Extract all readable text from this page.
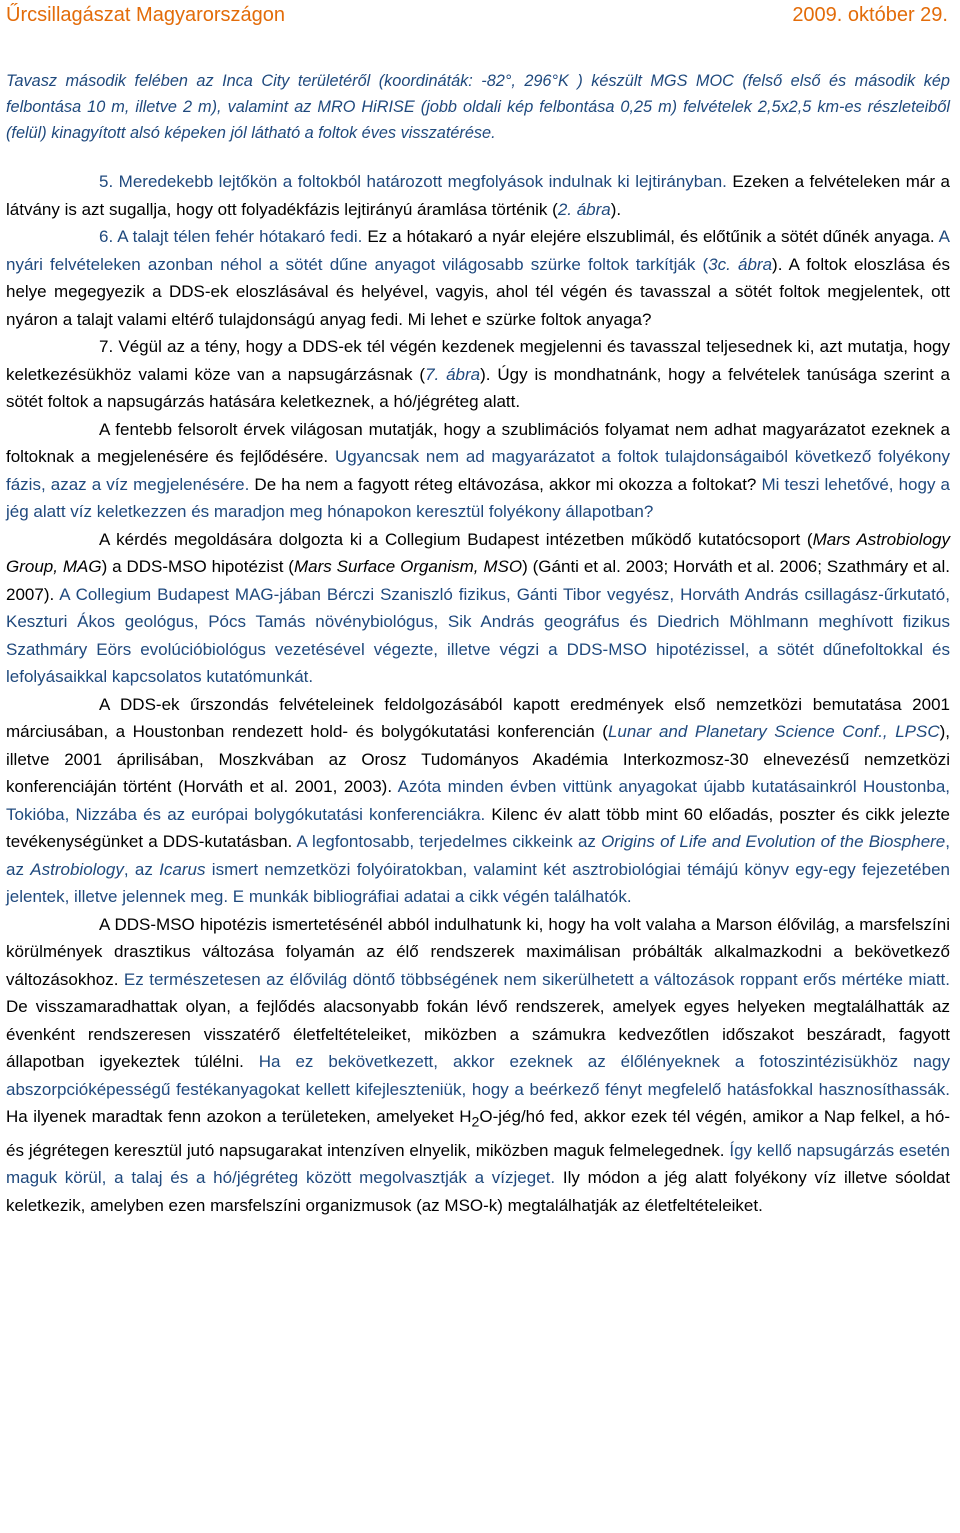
Űrcsillagászat Magyarországon	2009. október 29.
Tavasz második felében az Inca City területéről (koordináták: -82°, 296°K ) készült MGS MOC (felső első és második kép felbontása 10 m, illetve 2 m), valamint az MRO HiRISE (jobb oldali kép felbontása 0,25 m) felvételek 2,5x2,5 km-es részleteiből (felül) kinagyított alsó képeken jól látható a foltok éves visszatérése.

5. Meredekebb lejtőkön a foltokból határozott megfolyások indulnak ki lejtirányban. Ezeken a felvételeken már a látvány is azt sugallja, hogy ott folyadékfázis lejtirányú áramlása történik (2. ábra).

6. A talajt télen fehér hótakaró fedi. Ez a hótakaró a nyár elejére elszublimál, és előtűnik a sötét dűnék anyaga. A nyári felvételeken azonban néhol a sötét dűne anyagot világosabb szürke foltok tarkítják (3c. ábra). A foltok eloszlása és helye megegyezik a DDS-ek eloszlásával és helyével, vagyis, ahol tél végén és tavasszal a sötét foltok megjelentek, ott nyáron a talajt valami eltérő tulajdonságú anyag fedi. Mi lehet e szürke foltok anyaga?

7. Végül az a tény, hogy a DDS-ek tél végén kezdenek megjelenni és tavasszal teljesednek ki, azt mutatja, hogy keletkezésükhöz valami köze van a napsugárzásnak (7. ábra). Úgy is mondhatnánk, hogy a felvételek tanúsága szerint a sötét foltok a napsugárzás hatására keletkeznek, a hó/jégréteg alatt.

A fentebb felsorolt érvek világosan mutatják, hogy a szublimációs folyamat nem adhat magyarázatot ezeknek a foltoknak a megjelenésére és fejlődésére. Ugyancsak nem ad magyarázatot a foltok tulajdonságaiból következő folyékony fázis, azaz a víz megjelenésére. De ha nem a fagyott réteg eltávozása, akkor mi okozza a foltokat? Mi teszi lehetővé, hogy a jég alatt víz keletkezzen és maradjon meg hónapokon keresztül folyékony állapotban?

A kérdés megoldására dolgozta ki a Collegium Budapest intézetben működő kutatócsoport (Mars Astrobiology Group, MAG) a DDS-MSO hipotézist (Mars Surface Organism, MSO) (Gánti et al. 2003; Horváth et al. 2006; Szathmáry et al. 2007). A Collegium Budapest MAG-jában Bérczi Szaniszló fizikus, Gánti Tibor vegyész, Horváth András csillagász-űrkutató, Keszturi Ákos geológus, Pócs Tamás növénybiológus, Sik András geográfus és Diedrich Möhlmann meghívott fizikus Szathmáry Eörs evolúcióbiológus vezetésével végezte, illetve végzi a DDS-MSO hipotézissel, a sötét dűnefoltokkal és lefolyásaikkal kapcsolatos kutatómunkát.

A DDS-ek űrszondás felvételeinek feldolgozásából kapott eredmények első nemzetközi bemutatása 2001 márciusában, a Houstonban rendezett hold- és bolygókutatási konferencián (Lunar and Planetary Science Conf., LPSC), illetve 2001 áprilisában, Moszkvában az Orosz Tudományos Akadémia Interkozmosz-30 elnevezésű nemzetközi konferenciáján történt (Horváth et al. 2001, 2003). Azóta minden évben vittünk anyagokat újabb kutatásainkról Houstonba, Tokióba, Nizzába és az európai bolygókutatási konferenciákra. Kilenc év alatt több mint 60 előadás, poszter és cikk jelezte tevékenységünket a DDS-kutatásban. A legfontosabb, terjedelmes cikkeink az Origins of Life and Evolution of the Biosphere, az Astrobiology, az Icarus ismert nemzetközi folyóiratokban, valamint két asztrobiológiai témájú könyv egy-egy fejezetében jelentek, illetve jelennek meg. E munkák bibliográfiai adatai a cikk végén találhatók.

A DDS-MSO hipotézis ismertetésénél abból indulhatunk ki, hogy ha volt valaha a Marson élővilág, a marsfelszíni körülmények drasztikus változása folyamán az élő rendszerek maximálisan próbálták alkalmazkodni a bekövetkező változásokhoz. Ez természetesen az élővilág döntő többségének nem sikerülhetett a változások roppant erős mértéke miatt. De visszamaradhattak olyan, a fejlődés alacsonyabb fokán lévő rendszerek, amelyek egyes helyeken megtalálhatták az évenként rendszeresen visszatérő életfeltételeiket, miközben a számukra kedvezőtlen időszakot beszáradt, fagyott állapotban igyekeztek túlélni. Ha ez bekövetkezett, akkor ezeknek az élőlényeknek a fotoszintézisükhöz nagy abszorpcióképességű festékanyagokat kellett kifejleszteniük, hogy a beérkező fényt megfelelő hatásfokkal hasznosíthassák. Ha ilyenek maradtak fenn azokon a területeken, amelyeket $H_2O-jég/hó$ fed, akkor ezek tél végén, amikor a Nap felkel, a hó- és jégrétegen keresztül jutó napsugarakat intenzíven elnyelik, miközben maguk felmelegednek. Így kellő napsugárzás esetén maguk körül, a talaj és a hó/jégréteg között megolvasztják a vízjeget. Ily módon a jég alatt folyékony víz illetve sóoldat keletkezik, amelyben ezen marsfelszíni organizmusok (az MSO-k) megtalálhatják az életfeltételeiket.
